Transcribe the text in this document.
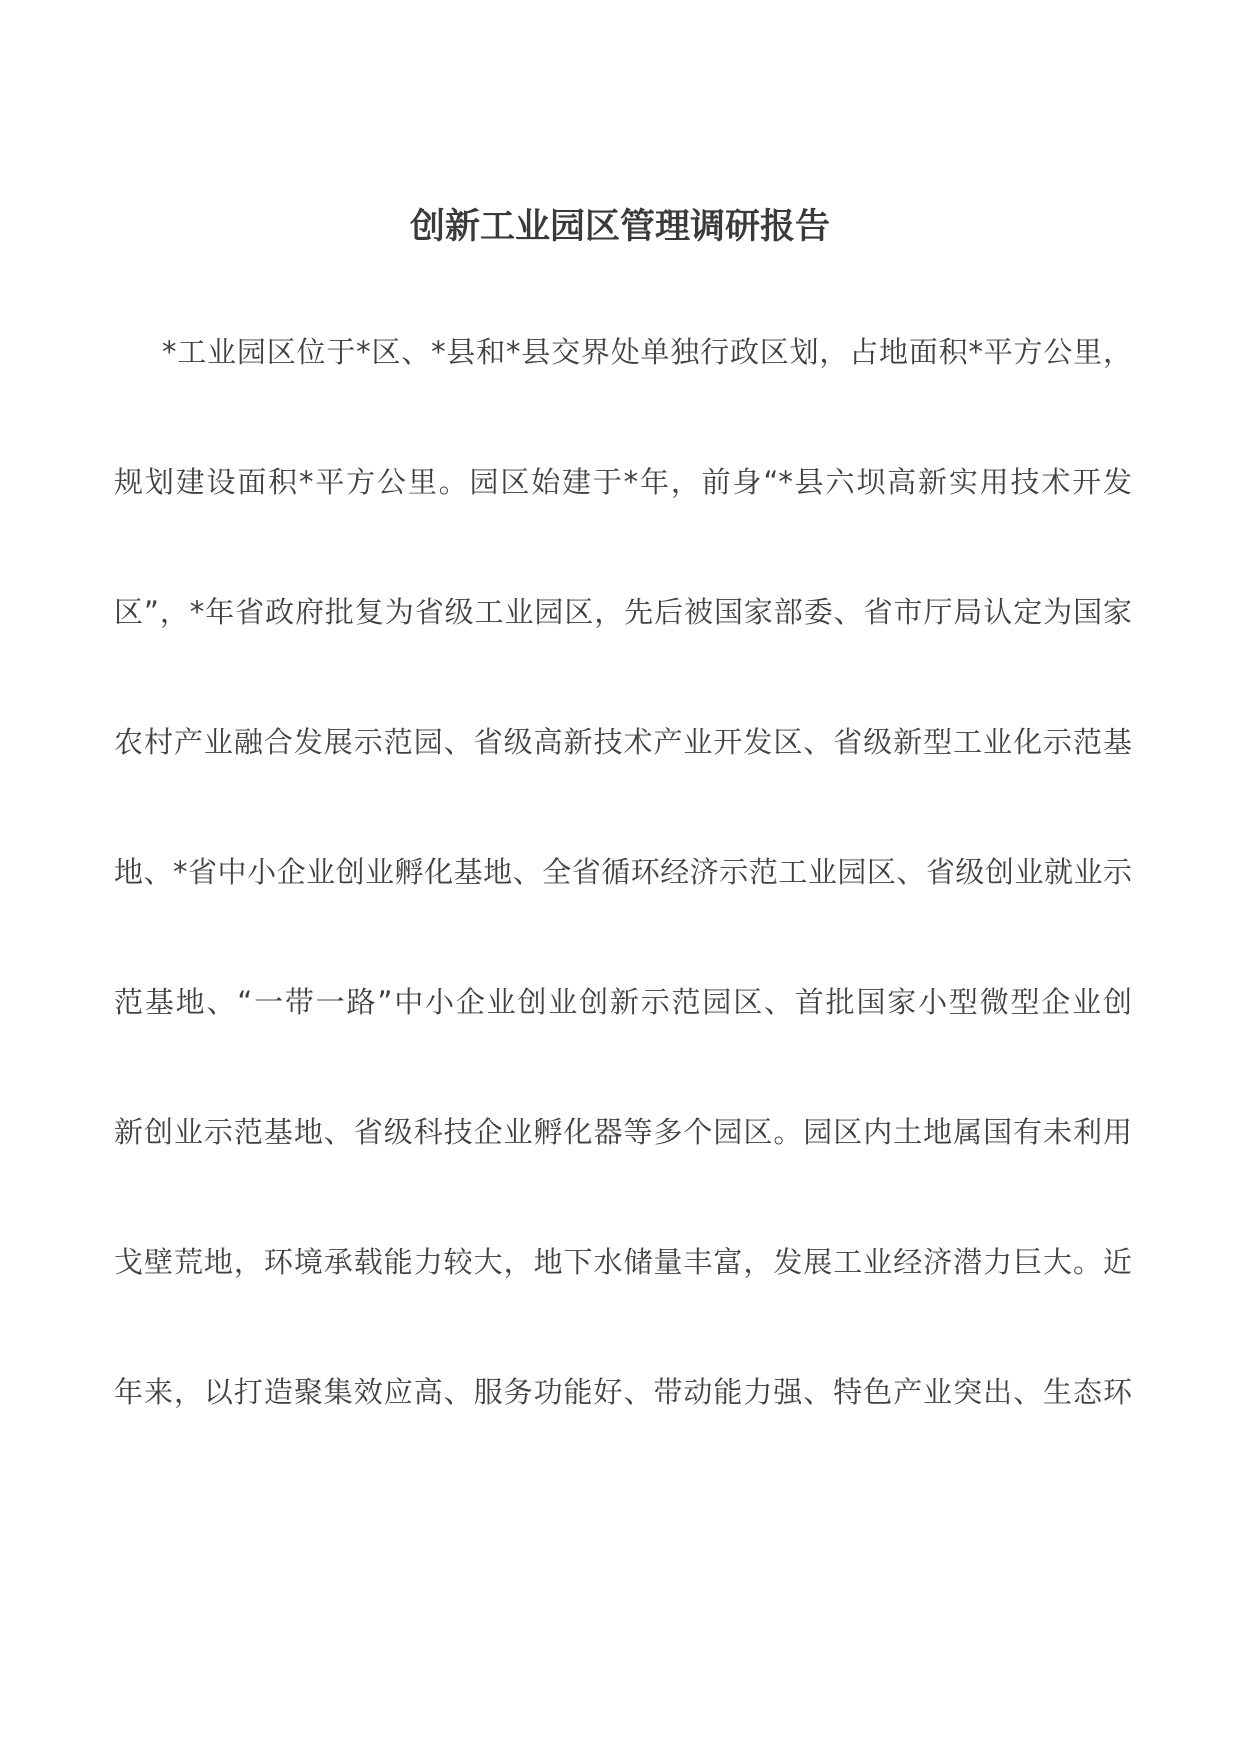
创新工业园区管理调研报告
*工业园区位于*区、*县和*县交界处单独行政区划，占地面积*平方公里，
规划建设面积*平方公里。园区始建于*年，前身“*县六坝高新实用技术开发
区”，*年省政府批复为省级工业园区，先后被国家部委、省市厅局认定为国家
农村产业融合发展示范园、省级高新技术产业开发区、省级新型工业化示范基
地、*省中小企业创业孵化基地、全省循环经济示范工业园区、省级创业就业示
范基地、“一带一路”中小企业创业创新示范园区、首批国家小型微型企业创
新创业示范基地、省级科技企业孵化器等多个园区。园区内土地属国有未利用
戈壁荒地，环境承载能力较大，地下水储量丰富，发展工业经济潜力巨大。近
年来，以打造聚集效应高、服务功能好、带动能力强、特色产业突出、生态环
